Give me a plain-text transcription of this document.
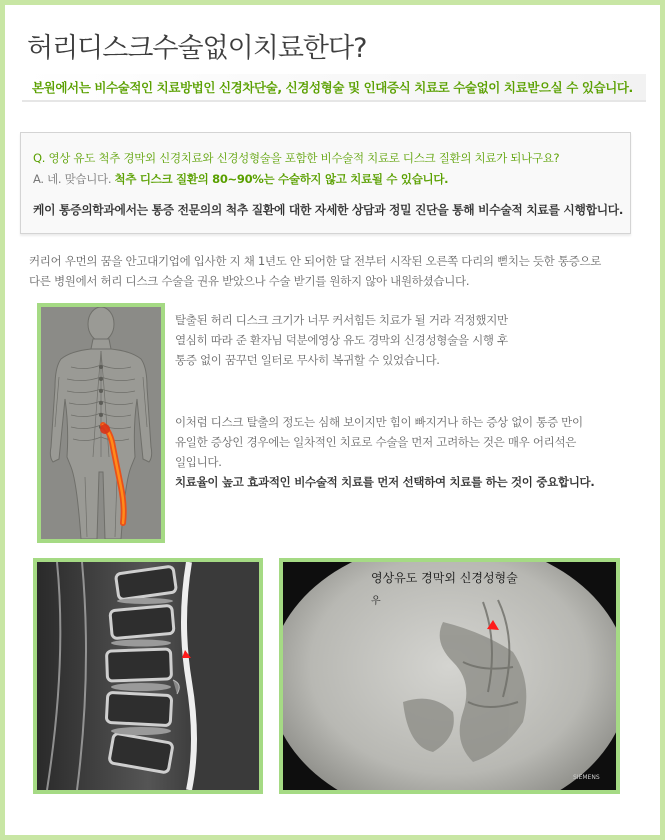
허리디스크수술없이치료한다?
본원에서는 비수술적인 치료방법인 신경차단술, 신경성형술 및 인대증식 치료로 수술없이 치료받으실 수 있습니다.
Q. 영상 유도 척추 경막외 신경치료와 신경성형술을 포함한 비수술적 치료로 디스크 질환의 치료가 되나구요?
A. 네. 맞습니다. 척추 디스크 질환의 80~90%는 수술하지 않고 치료될 수 있습니다.
케이 통증의학과에서는 통증 전문의의 척추 질환에 대한 자세한 상담과 정밀 진단을 통해 비수술적 치료를 시행합니다.
커리어 우먼의 꿈을 안고대기업에 입사한 지 채 1년도 안 되어한 달 전부터 시작된 오른쪽 다리의 뻗치는 듯한 통증으로
다른 병원에서 허리 디스크 수술을 권유 받았으나 수술 받기를 원하지 않아 내원하셨습니다.
탈출된 허리 디스크 크기가 너무 커서힘든 치료가 될 거라 걱정했지만
열심히 따라 준 환자님 덕분에영상 유도 경막외 신경성형술을 시행 후
통증 없이 꿈꾸던 일터로 무사히 복귀할 수 있었습니다.
이처럼 디스크 탈출의 정도는 심해 보이지만 힘이 빠지거나 하는 증상 없이 통증 만이
유일한 증상인 경우에는 일차적인 치료로 수술을 먼저 고려하는 것은 매우 어리석은
일입니다.
치료율이 높고 효과적인 비수술적 치료를 먼저 선택하여 치료를 하는 것이 중요합니다.
영상유도 경막외 신경성형술
우
SIEMENS
